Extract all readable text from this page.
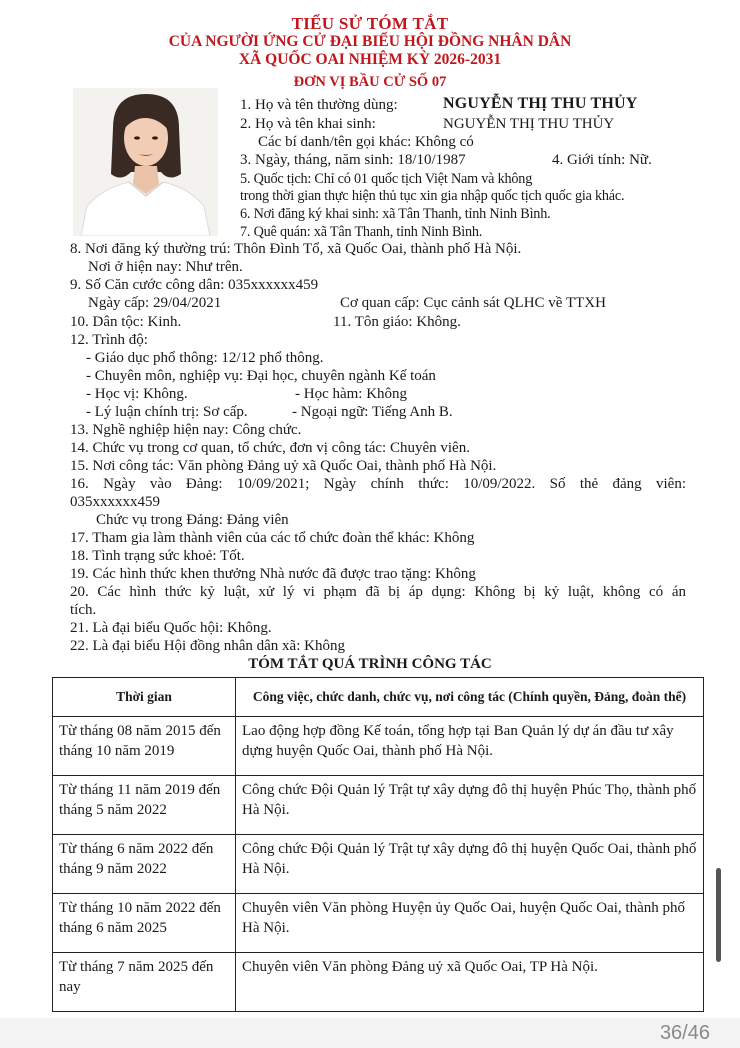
TIỂU SỬ TÓM TẮT
CỦA NGƯỜI ỨNG CỬ ĐẠI BIỂU HỘI ĐỒNG NHÂN DÂN
XÃ QUỐC OAI NHIỆM KỲ 2026-2031
ĐƠN VỊ BẦU CỬ SỐ 07
1. Họ và tên thường dùng:	NGUYỄN THỊ THU THỦY
2. Họ và tên khai sinh:	NGUYỄN THỊ THU THỦY
Các bí danh/tên gọi khác: Không có
3. Ngày, tháng, năm sinh: 18/10/1987	4. Giới tính: Nữ.
5. Quốc tịch: Chỉ có 01 quốc tịch Việt Nam và không
trong thời gian thực hiện thủ tục xin gia nhập quốc tịch quốc gia khác.
6. Nơi đăng ký khai sinh: xã Tân Thanh, tỉnh Ninh Bình.
7. Quê quán: xã Tân Thanh, tỉnh Ninh Bình.
8. Nơi đăng ký thường trú: Thôn Đình Tổ, xã Quốc Oai, thành phố Hà Nội.
Nơi ở hiện nay: Như trên.
9. Số Căn cước công dân: 035xxxxxx459
Ngày cấp: 29/04/2021	Cơ quan cấp: Cục cảnh sát QLHC về TTXH
10. Dân tộc: Kinh.	11. Tôn giáo: Không.
12. Trình độ:
- Giáo dục phổ thông: 12/12 phổ thông.
- Chuyên môn, nghiệp vụ: Đại học, chuyên ngành Kế toán
- Học vị: Không.	- Học hàm: Không
- Lý luận chính trị: Sơ cấp.	- Ngoại ngữ: Tiếng Anh B.
13. Nghề nghiệp hiện nay: Công chức.
14. Chức vụ trong cơ quan, tổ chức, đơn vị công tác: Chuyên viên.
15. Nơi công tác: Văn phòng Đảng uỷ xã Quốc Oai, thành phố Hà Nội.
16. Ngày vào Đảng: 10/09/2021; Ngày chính thức: 10/09/2022. Số thẻ đảng viên:
035xxxxxx459
Chức vụ trong Đảng: Đảng viên
17. Tham gia làm thành viên của các tổ chức đoàn thể khác: Không
18. Tình trạng sức khoẻ: Tốt.
19. Các hình thức khen thưởng Nhà nước đã được trao tặng: Không
20. Các hình thức kỷ luật, xử lý vi phạm đã bị áp dụng: Không bị kỷ luật, không có án
tích.
21. Là đại biểu Quốc hội: Không.
22. Là đại biểu Hội đồng nhân dân xã: Không
TÓM TẮT QUÁ TRÌNH CÔNG TÁC
Thời gian	Công việc, chức danh, chức vụ, nơi công tác (Chính quyền, Đảng, đoàn thể)
Từ tháng 08 năm 2015 đến tháng 10 năm 2019	Lao động hợp đồng Kế toán, tổng hợp tại Ban Quản lý dự án đầu tư xây dựng huyện Quốc Oai, thành phố Hà Nội.
Từ tháng 11 năm 2019 đến tháng 5 năm 2022	Công chức Đội Quản lý Trật tự xây dựng đô thị huyện Phúc Thọ, thành phố Hà Nội.
Từ tháng 6 năm 2022 đến tháng 9 năm 2022	Công chức Đội Quản lý Trật tự xây dựng đô thị huyện Quốc Oai, thành phố Hà Nội.
Từ tháng 10 năm 2022 đến tháng 6 năm 2025	Chuyên viên Văn phòng Huyện ủy Quốc Oai, huyện Quốc Oai, thành phố Hà Nội.
Từ tháng 7 năm 2025 đến nay	Chuyên viên Văn phòng Đảng uỷ xã Quốc Oai, TP Hà Nội.
36/46
